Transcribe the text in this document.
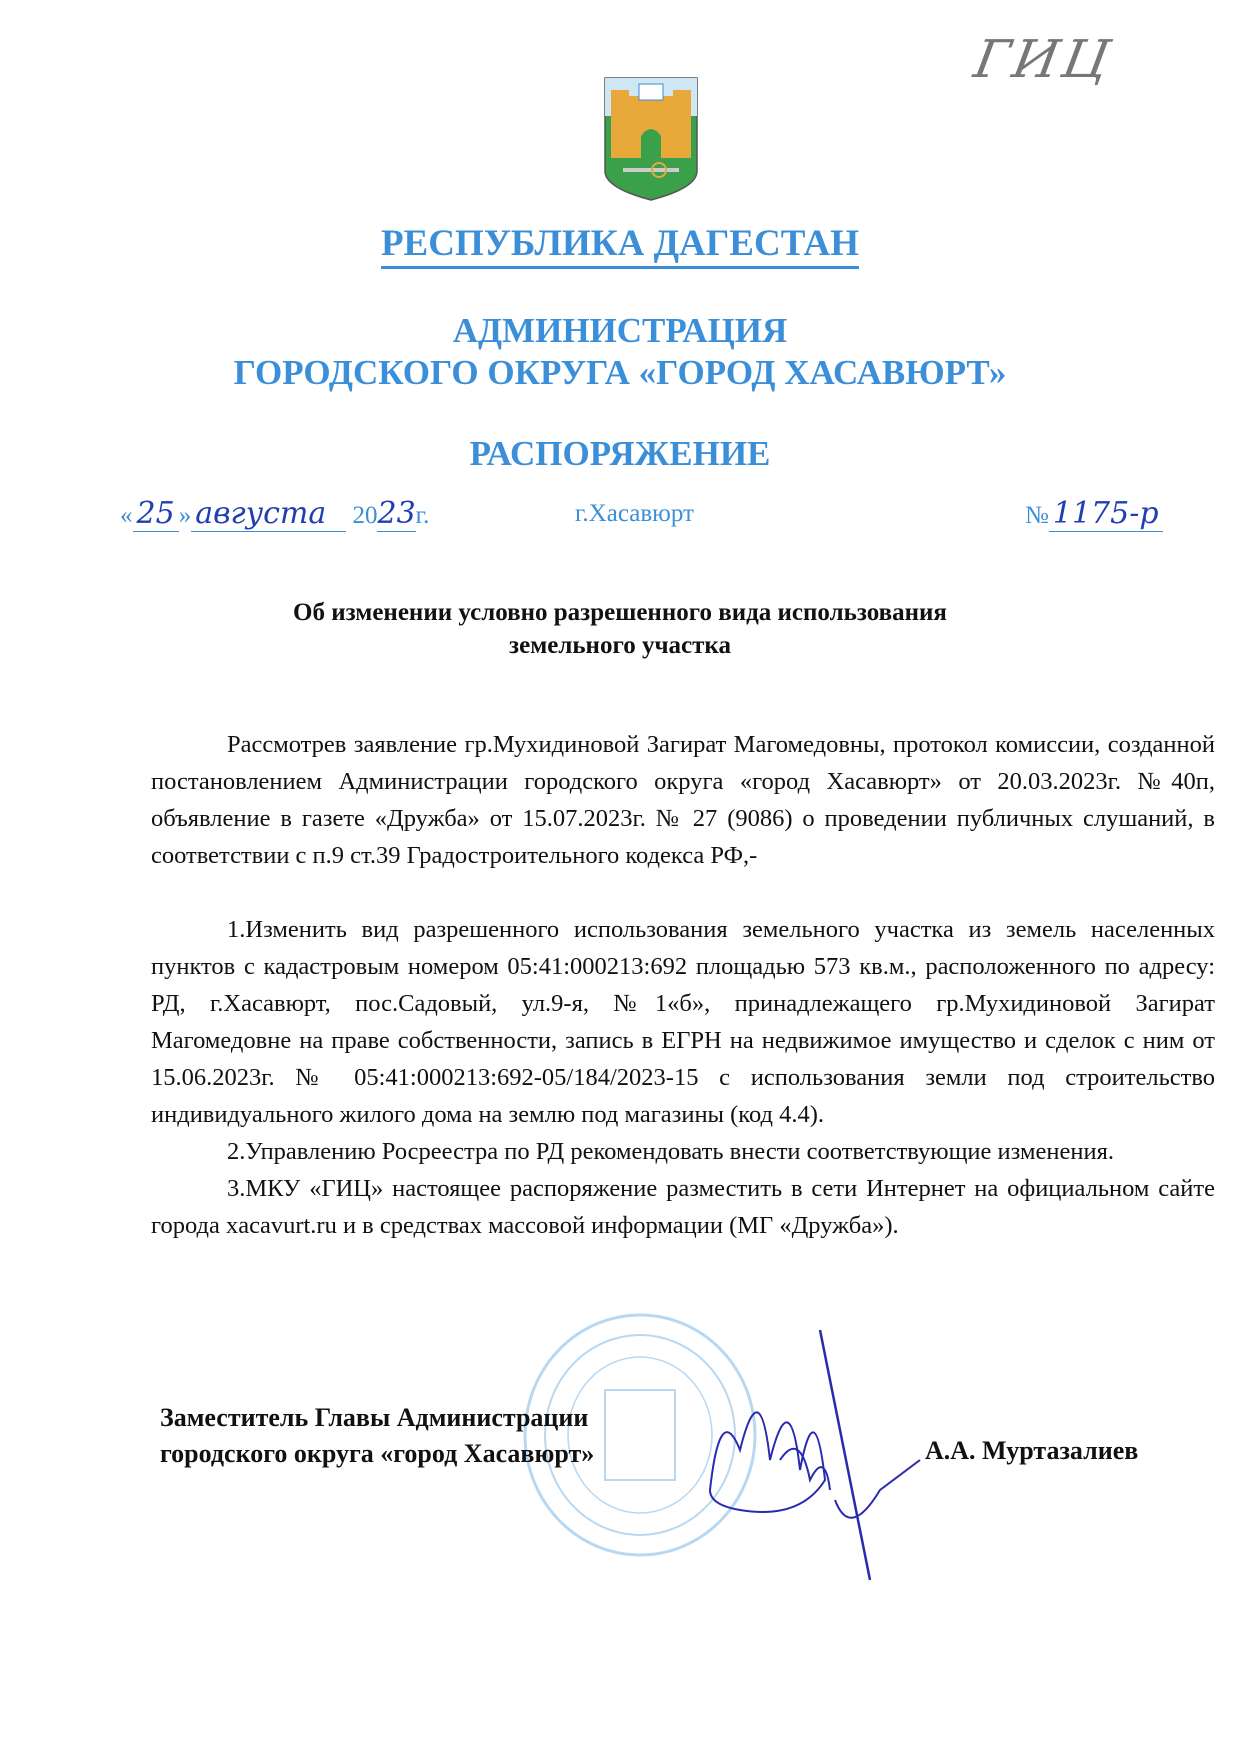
ГИЦ
РЕСПУБЛИКА ДАГЕСТАН
АДМИНИСТРАЦИЯ
ГОРОДСКОГО ОКРУГА «ГОРОД ХАСАВЮРТ»
РАСПОРЯЖЕНИЕ
« 25 » августа 2023г.	г.Хасавюрт	№ 1175-р
Об изменении условно разрешенного вида использования
земельного участка

Рассмотрев заявление гр.Мухидиновой Загират Магомедовны, протокол комиссии, созданной постановлением Администрации городского округа «город Хасавюрт» от 20.03.2023г. №40п, объявление в газете «Дружба» от 15.07.2023г. № 27 (9086) о проведении публичных слушаний, в соответствии с п.9 ст.39 Градостроительного кодекса РФ,-

1.Изменить вид разрешенного использования земельного участка из земель населенных пунктов с кадастровым номером 05:41:000213:692 площадью 573 кв.м., расположенного по адресу: РД, г.Хасавюрт, пос.Садовый, ул.9-я, №1«б», принадлежащего гр.Мухидиновой Загират Магомедовне на праве собственности, запись в ЕГРН на недвижимое имущество и сделок с ним от 15.06.2023г. № 05:41:000213:692-05/184/2023-15 с использования земли под строительство индивидуального жилого дома на землю под магазины (код 4.4).

2.Управлению Росреестра по РД рекомендовать внести соответствующие изменения.

3.МКУ «ГИЦ» настоящее распоряжение разместить в сети Интернет на официальном сайте города xacavurt.ru и в средствах массовой информации (МГ «Дружба»).

Заместитель Главы Администрации
городского округа «город Хасавюрт»	А.А. Муртазалиев
